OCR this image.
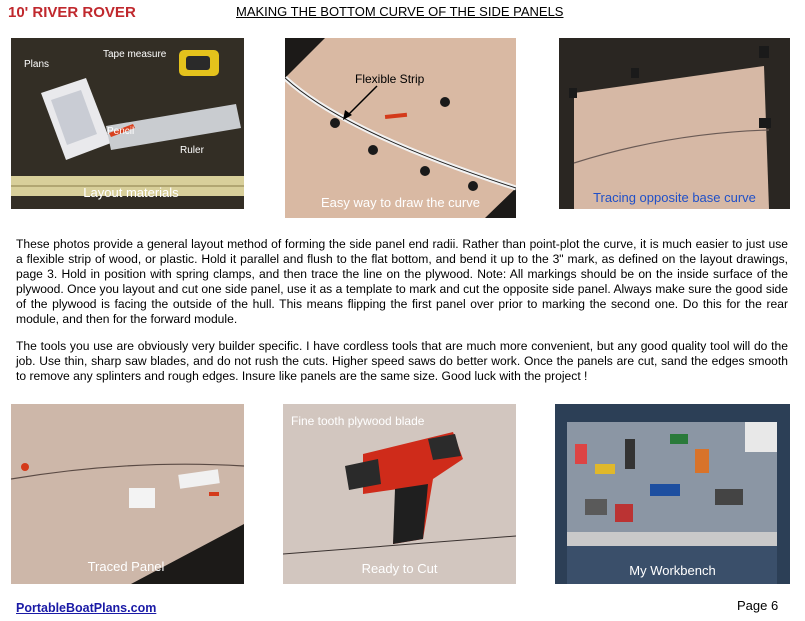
10' RIVER ROVER	MAKING THE BOTTOM CURVE OF THE SIDE PANELS
Plans
Tape measure
Pencil
Ruler
Layout materials
Flexible Strip
Easy way to draw the curve	Tracing opposite base curve

These photos provide a general layout method of forming the side panel end radii. Rather than point-plot the curve, it is much easier to just use a flexible strip of wood, or plastic. Hold it parallel and flush to the flat bottom, and bend it up to the 3" mark, as defined on the layout drawings, page 3. Hold in position with spring clamps, and then trace the line on the plywood. Note: All markings should be on the inside surface of the plywood. Once you layout and cut one side panel, use it as a template to mark and cut the opposite side panel. Always make sure the good side of the plywood is facing the outside of the hull. This means flipping the first panel over prior to marking the second one. Do this for the rear module, and then for the forward module.

The tools you use are obviously very builder specific. I have cordless tools that are much more convenient, but any good quality tool will do the job. Use thin, sharp saw blades, and do not rush the cuts. Higher speed saws do better work. Once the panels are cut, sand the edges smooth to remove any splinters and rough edges. Insure like panels are the same size. Good luck with the project !

Traced Panel
Fine tooth plywood blade
Ready to Cut	My Workbench
PortableBoatPlans.com	Page 6
